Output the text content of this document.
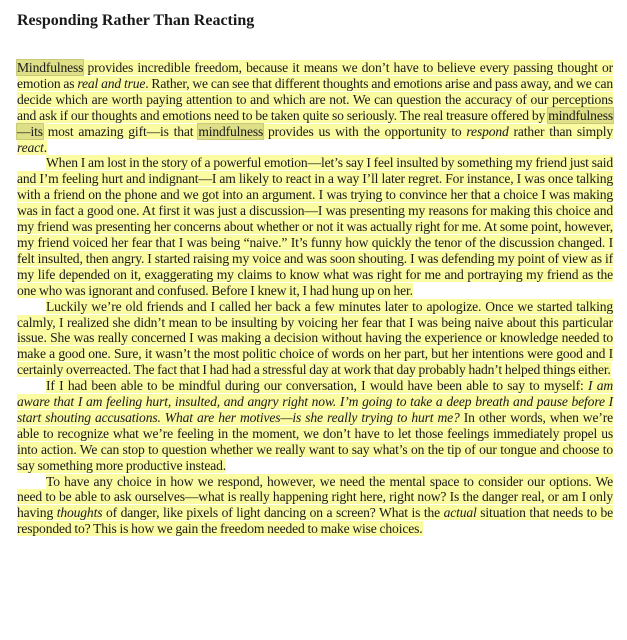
Responding Rather Than Reacting

Mindfulness provides incredible freedom, because it means we don’t have to believe every passing thought or emotion as real and true. Rather, we can see that different thoughts and emotions arise and pass away, and we can decide which are worth paying attention to and which are not. We can question the accuracy of our perceptions and ask if our thoughts and emotions need to be taken quite so seriously. The real treasure offered by mindfulness—its most amazing gift—is that mindfulness provides us with the opportunity to respond rather than simply react.

When I am lost in the story of a powerful emotion—let’s say I feel insulted by something my friend just said and I’m feeling hurt and indignant—I am likely to react in a way I’ll later regret. For instance, I was once talking with a friend on the phone and we got into an argument. I was trying to convince her that a choice I was making was in fact a good one. At first it was just a discussion—I was presenting my reasons for making this choice and my friend was presenting her concerns about whether or not it was actually right for me. At some point, however, my friend voiced her fear that I was being “naive.” It’s funny how quickly the tenor of the discussion changed. I felt insulted, then angry. I started raising my voice and was soon shouting. I was defending my point of view as if my life depended on it, exaggerating my claims to know what was right for me and portraying my friend as the one who was ignorant and confused. Before I knew it, I had hung up on her.

Luckily we’re old friends and I called her back a few minutes later to apologize. Once we started talking calmly, I realized she didn’t mean to be insulting by voicing her fear that I was being naive about this particular issue. She was really concerned I was making a decision without having the experience or knowledge needed to make a good one. Sure, it wasn’t the most politic choice of words on her part, but her intentions were good and I certainly overreacted. The fact that I had had a stressful day at work that day probably hadn’t helped things either.

If I had been able to be mindful during our conversation, I would have been able to say to myself: I am aware that I am feeling hurt, insulted, and angry right now. I’m going to take a deep breath and pause before I start shouting accusations. What are her motives—is she really trying to hurt me? In other words, when we’re able to recognize what we’re feeling in the moment, we don’t have to let those feelings immediately propel us into action. We can stop to question whether we really want to say what’s on the tip of our tongue and choose to say something more productive instead.

To have any choice in how we respond, however, we need the mental space to consider our options. We need to be able to ask ourselves—what is really happening right here, right now? Is the danger real, or am I only having thoughts of danger, like pixels of light dancing on a screen? What is the actual situation that needs to be responded to? This is how we gain the freedom needed to make wise choices.
